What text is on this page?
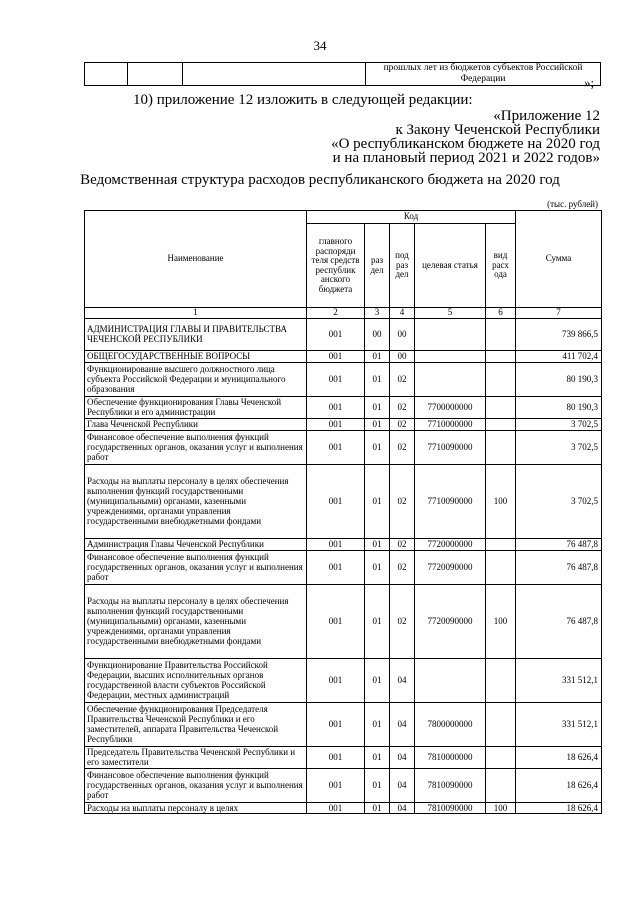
34
			прошлых лет из бюджетов субъектов Российской Федерации	»;
10) приложение 12 изложить в следующей редакции:
«Приложение 12
к Закону Чеченской Республики
«О республиканском бюджете на 2020 год
и на плановый период 2021 и 2022 годов»
Ведомственная структура расходов республиканского бюджета на 2020 год
(тыс. рублей)
Наименование	Код					Сумма
	главного распоряди теля средств республик анского бюджета	раз дел	под раз дел	целевая статья	вид расх ода	
1	2	3	4	5	6	7
АДМИНИСТРАЦИЯ ГЛАВЫ И ПРАВИТЕЛЬСТВА ЧЕЧЕНСКОЙ РЕСПУБЛИКИ	001	00	00			739 866,5
ОБЩЕГОСУДАРСТВЕННЫЕ ВОПРОСЫ	001	01	00			411 702,4
Функционирование высшего должностного лица субъекта Российской Федерации и муниципального образования	001	01	02			80 190,3
Обеспечение функционирования Главы Чеченской Республики и его администрации	001	01	02	7700000000		80 190,3
Глава Чеченской Республики	001	01	02	7710000000		3 702,5
Финансовое обеспечение выполнения функций государственных органов, оказания услуг и выполнения работ	001	01	02	7710090000		3 702,5
Расходы на выплаты персоналу в целях обеспечения выполнения функций государственными (муниципальными) органами, казенными учреждениями, органами управления государственными внебюджетными фондами	001	01	02	7710090000	100	3 702,5
Администрация Главы Чеченской Республики	001	01	02	7720000000		76 487,8
Финансовое обеспечение выполнения функций государственных органов, оказания услуг и выполнения работ	001	01	02	7720090000		76 487,8
Расходы на выплаты персоналу в целях обеспечения выполнения функций государственными (муниципальными) органами, казенными учреждениями, органами управления государственными внебюджетными фондами	001	01	02	7720090000	100	76 487,8
Функционирование Правительства Российской Федерации, высших исполнительных органов государственной власти субъектов Российской Федерации, местных администраций	001	01	04			331 512,1
Обеспечение функционирования Председателя Правительства Чеченской Республики и его заместителей, аппарата Правительства Чеченской Республики	001	01	04	7800000000		331 512,1
Председатель Правительства Чеченской Республики и его заместители	001	01	04	7810000000		18 626,4
Финансовое обеспечение выполнения функций государственных органов, оказания услуг и выполнения работ	001	01	04	7810090000		18 626,4
Расходы на выплаты персоналу в целях	001	01	04	7810090000	100	18 626,4
